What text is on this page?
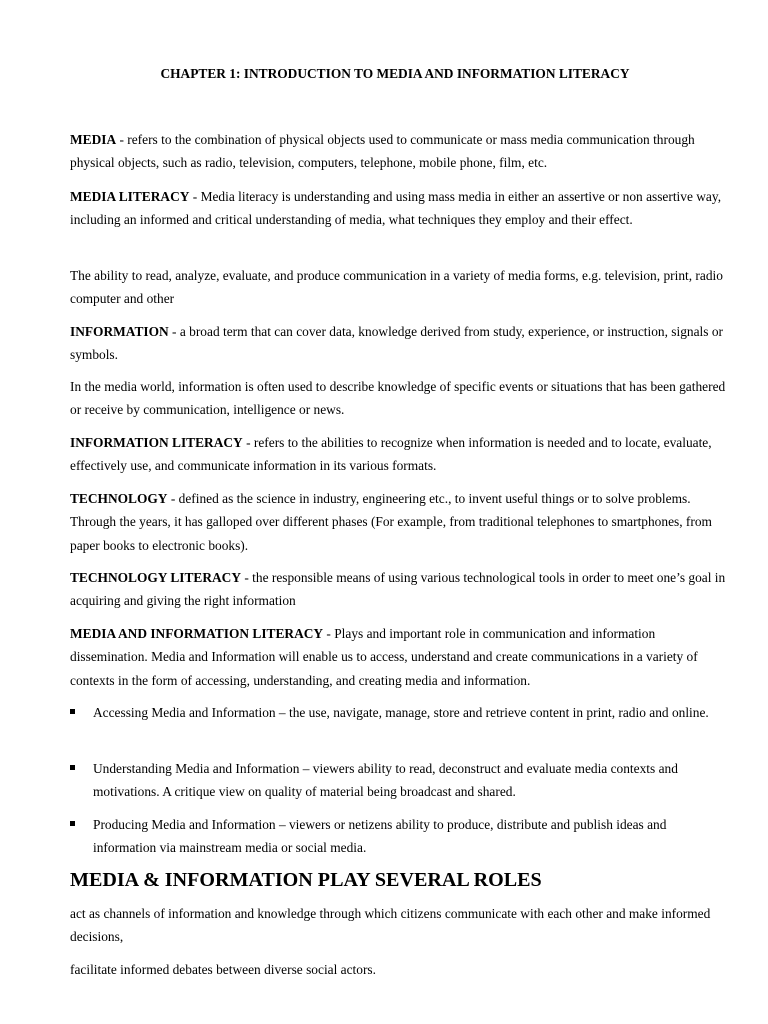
CHAPTER 1: INTRODUCTION TO MEDIA AND INFORMATION LITERACY

MEDIA - refers to the combination of physical objects used to communicate or mass media communication through physical objects, such as radio, television, computers, telephone, mobile phone, film, etc.

MEDIA LITERACY - Media literacy is understanding and using mass media in either an assertive or non assertive way, including an informed and critical understanding of media, what techniques they employ and their effect.

The ability to read, analyze, evaluate, and produce communication in a variety of media forms, e.g. television, print, radio computer and other

INFORMATION - a broad term that can cover data, knowledge derived from study, experience, or instruction, signals or symbols.

In the media world, information is often used to describe knowledge of specific events or situations that has been gathered or receive by communication, intelligence or news.

INFORMATION LITERACY - refers to the abilities to recognize when information is needed and to locate, evaluate, effectively use, and communicate information in its various formats.

TECHNOLOGY - defined as the science in industry, engineering etc., to invent useful things or to solve problems. Through the years, it has galloped over different phases (For example, from traditional telephones to smartphones, from paper books to electronic books).

TECHNOLOGY LITERACY - the responsible means of using various technological tools in order to meet one’s goal in acquiring and giving the right information

MEDIA AND INFORMATION LITERACY - Plays and important role in communication and information dissemination. Media and Information will enable us to access, understand and create communications in a variety of contexts in the form of accessing, understanding, and creating media and information.

Accessing Media and Information – the use, navigate, manage, store and retrieve content in print, radio and online.
Understanding Media and Information – viewers ability to read, deconstruct and evaluate media contexts and motivations. A critique view on quality of material being broadcast and shared.
Producing Media and Information – viewers or netizens ability to produce, distribute and publish ideas and information via mainstream media or social media.
MEDIA & INFORMATION PLAY SEVERAL ROLES

act as channels of information and knowledge through which citizens communicate with each other and make informed decisions,

facilitate informed debates between diverse social actors.
